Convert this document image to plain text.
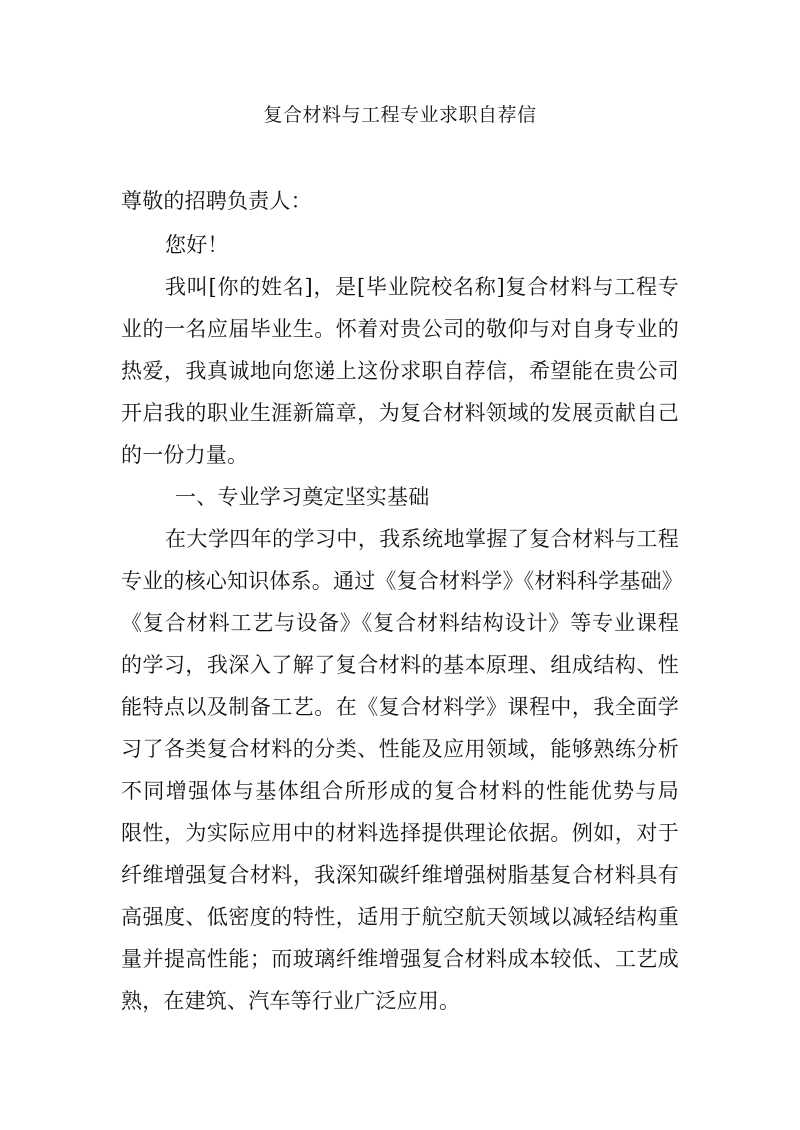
复合材料与工程专业求职自荐信
尊敬的招聘负责人：
您好！
我叫[你的姓名]，是[毕业院校名称]复合材料与工程专
业的一名应届毕业生。怀着对贵公司的敬仰与对自身专业的
热爱，我真诚地向您递上这份求职自荐信，希望能在贵公司
开启我的职业生涯新篇章，为复合材料领域的发展贡献自己
的一份力量。
一、专业学习奠定坚实基础
在大学四年的学习中，我系统地掌握了复合材料与工程
专业的核心知识体系。通过《复合材料学》《材料科学基础》
《复合材料工艺与设备》《复合材料结构设计》等专业课程
的学习，我深入了解了复合材料的基本原理、组成结构、性
能特点以及制备工艺。在《复合材料学》课程中，我全面学
习了各类复合材料的分类、性能及应用领域，能够熟练分析
不同增强体与基体组合所形成的复合材料的性能优势与局
限性，为实际应用中的材料选择提供理论依据。例如，对于
纤维增强复合材料，我深知碳纤维增强树脂基复合材料具有
高强度、低密度的特性，适用于航空航天领域以减轻结构重
量并提高性能；而玻璃纤维增强复合材料成本较低、工艺成
熟，在建筑、汽车等行业广泛应用。
